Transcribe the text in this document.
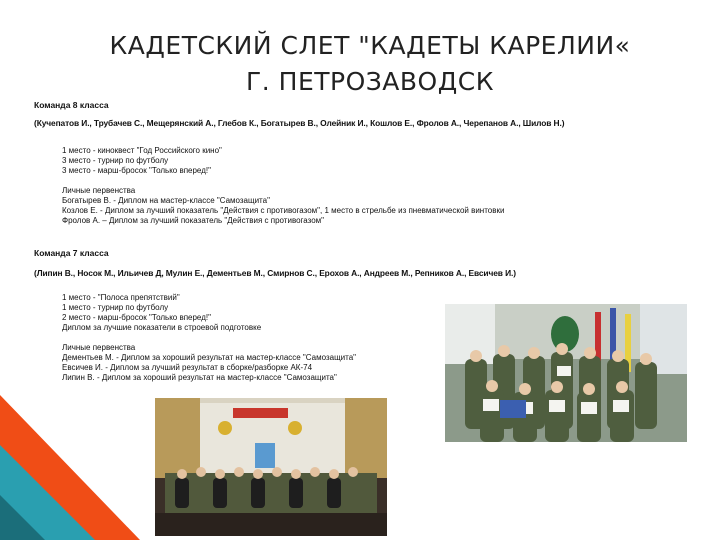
КАДЕТСКИЙ СЛЕТ "КАДЕТЫ КАРЕЛИИ«
Г. ПЕТРОЗАВОДСК
Команда 8 класса
(Кучепатов И., Трубачев С., Мещерянский А., Глебов К., Богатырев В., Олейник И., Кошлов Е., Фролов А., Черепанов А., Шилов Н.)
1 место - киноквест "Год Российского кино"
3 место - турнир по футболу
3 место - марш-бросок "Только вперед!"
Личные первенства
Богатырев В. - Диплом на мастер-классе "Самозащита"
Козлов Е. - Диплом за лучший показатель "Действия с противогазом", 1 место в стрельбе из пневматической винтовки
Фролов А. – Диплом за лучший показатель "Действия с противогазом"
Команда 7 класса
(Липин В., Носок М., Ильичев Д, Мулин Е., Дементьев М., Смирнов С., Ерохов А., Андреев М., Репников А., Евсичев И.)
1 место - "Полоса препятствий"
1 место - турнир по футболу
2 место - марш-бросок "Только вперед!"
Диплом за лучшие показатели в строевой подготовке
Личные первенства
Дементьев М. - Диплом за хороший результат на мастер-классе "Самозащита"
Евсичев И. - Диплом за лучший результат в сборке/разборке АК-74
Липин В. - Диплом за хороший результат на мастер-классе "Самозащита"
